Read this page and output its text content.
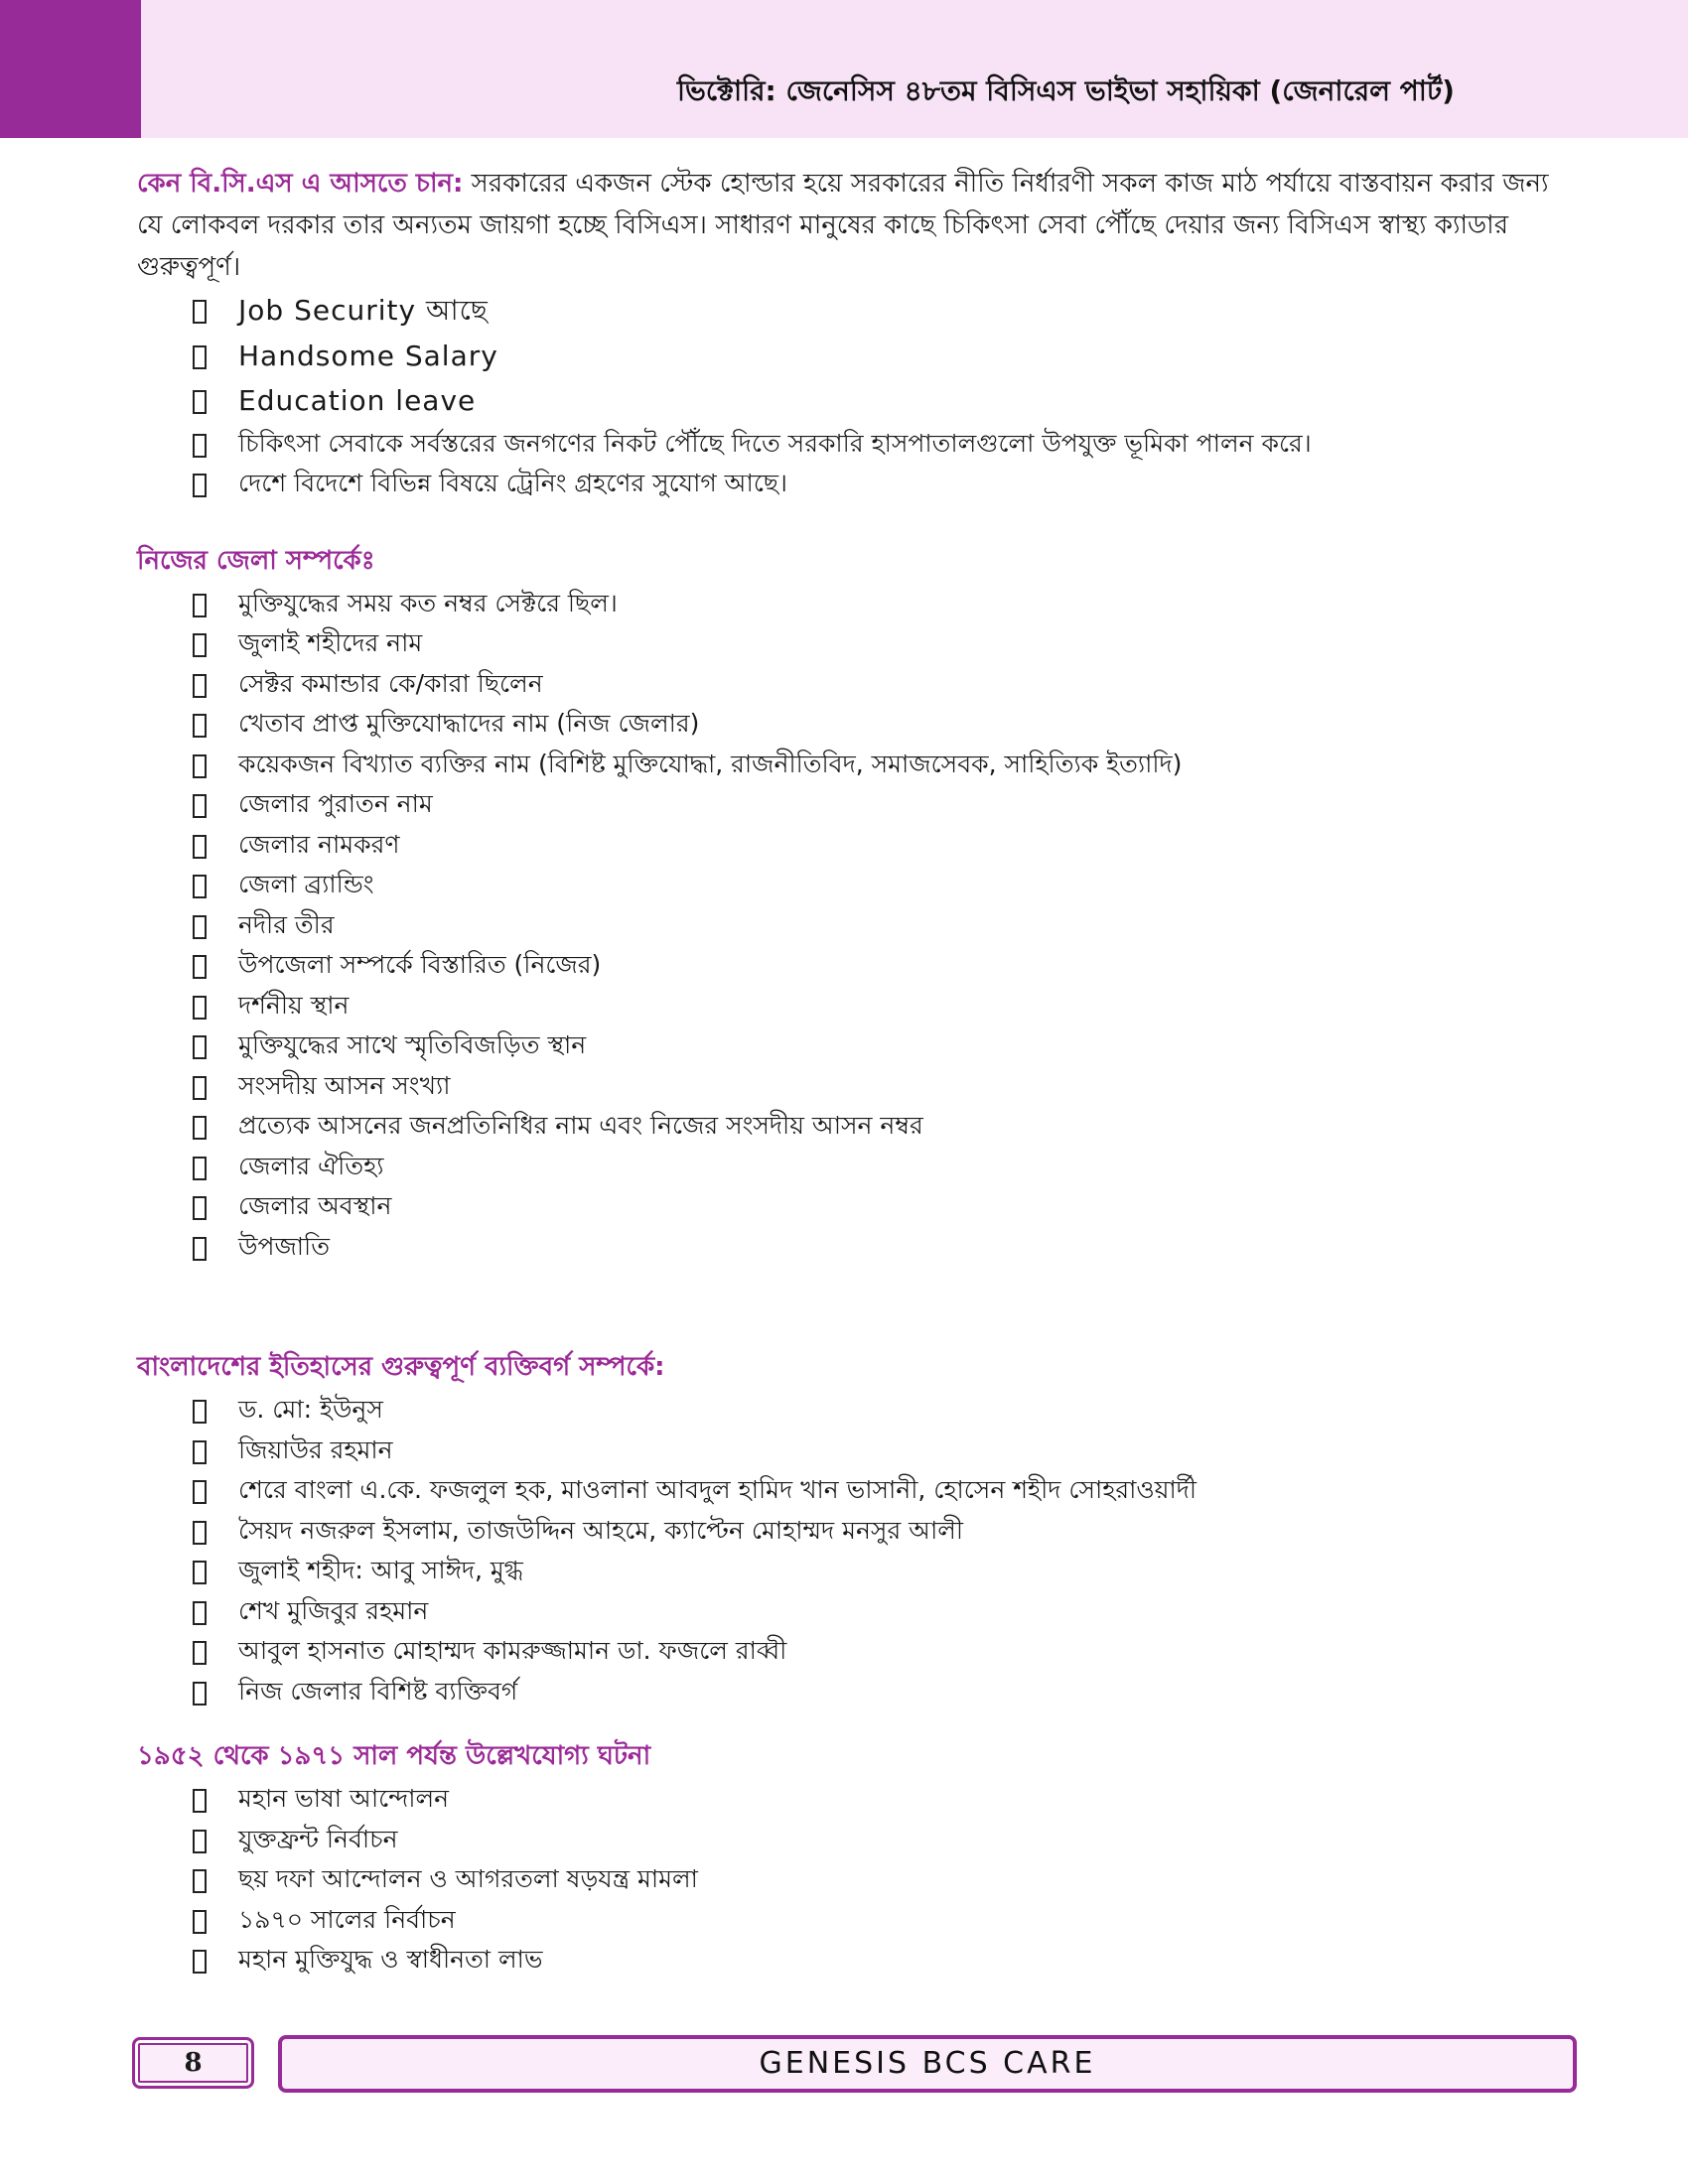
ভিক্টোরি: জেনেসিস ৪৮তম বিসিএস ভাইভা সহায়িকা (জেনারেল পার্ট)

কেন বি.সি.এস এ আসতে চান: সরকারের একজন স্টেক হোল্ডার হয়ে সরকারের নীতি নির্ধারণী সকল কাজ মাঠ পর্যায়ে বাস্তবায়ন করার জন্য যে লোকবল দরকার তার অন্যতম জায়গা হচ্ছে বিসিএস। সাধারণ মানুষের কাছে চিকিৎসা সেবা পৌঁছে দেয়ার জন্য বিসিএস স্বাস্থ্য ক্যাডার গুরুত্বপূর্ণ।

Job Security আছে
Handsome Salary
Education leave
চিকিৎসা সেবাকে সর্বস্তরের জনগণের নিকট পৌঁছে দিতে সরকারি হাসপাতালগুলো উপযুক্ত ভূমিকা পালন করে।
দেশে বিদেশে বিভিন্ন বিষয়ে ট্রেনিং গ্রহণের সুযোগ আছে।

নিজের জেলা সম্পর্কেঃ

মুক্তিযুদ্ধের সময় কত নম্বর সেক্টরে ছিল।
জুলাই শহীদের নাম
সেক্টর কমান্ডার কে/কারা ছিলেন
খেতাব প্রাপ্ত মুক্তিযোদ্ধাদের নাম (নিজ জেলার)
কয়েকজন বিখ্যাত ব্যক্তির নাম (বিশিষ্ট মুক্তিযোদ্ধা, রাজনীতিবিদ, সমাজসেবক, সাহিত্যিক ইত্যাদি)
জেলার পুরাতন নাম
জেলার নামকরণ
জেলা ব্র্যান্ডিং
নদীর তীর
উপজেলা সম্পর্কে বিস্তারিত (নিজের)
দর্শনীয় স্থান
মুক্তিযুদ্ধের সাথে স্মৃতিবিজড়িত স্থান
সংসদীয় আসন সংখ্যা
প্রত্যেক আসনের জনপ্রতিনিধির নাম এবং নিজের সংসদীয় আসন নম্বর
জেলার ঐতিহ্য
জেলার অবস্থান
উপজাতি

বাংলাদেশের ইতিহাসের গুরুত্বপূর্ণ ব্যক্তিবর্গ সম্পর্কে:

ড. মো: ইউনুস
জিয়াউর রহমান
শেরে বাংলা এ.কে. ফজলুল হক, মাওলানা আবদুল হামিদ খান ভাসানী, হোসেন শহীদ সোহরাওয়ার্দী
সৈয়দ নজরুল ইসলাম, তাজউদ্দিন আহমে, ক্যাপ্টেন মোহাম্মদ মনসুর আলী
জুলাই শহীদ: আবু সাঈদ, মুগ্ধ
শেখ মুজিবুর রহমান
আবুল হাসনাত মোহাম্মদ কামরুজ্জামান ডা. ফজলে রাব্বী
নিজ জেলার বিশিষ্ট ব্যক্তিবর্গ

১৯৫২ থেকে ১৯৭১ সাল পর্যন্ত উল্লেখযোগ্য ঘটনা

মহান ভাষা আন্দোলন
যুক্তফ্রন্ট নির্বাচন
ছয় দফা আন্দোলন ও আগরতলা ষড়যন্ত্র মামলা
১৯৭০ সালের নির্বাচন
মহান মুক্তিযুদ্ধ ও স্বাধীনতা লাভ
8	GENESIS BCS CARE
